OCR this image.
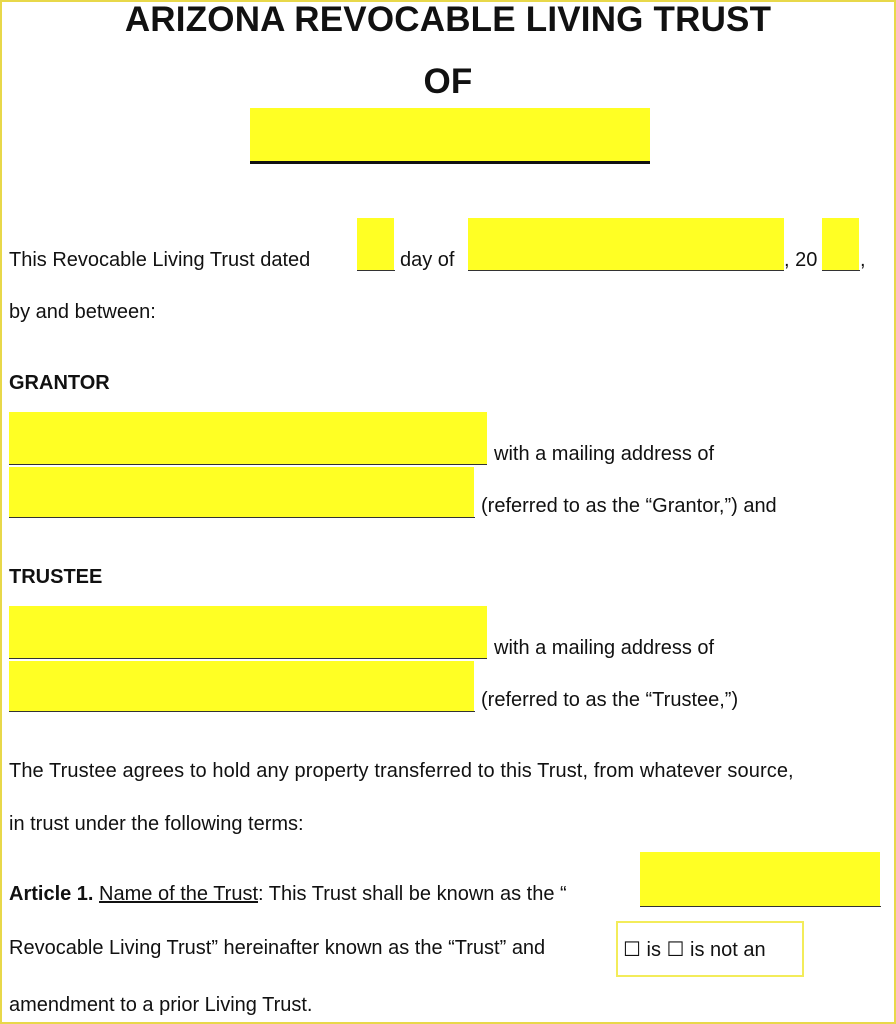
ARIZONA REVOCABLE LIVING TRUST
OF
This Revocable Living Trust dated	day of	, 20 ,
by and between:
GRANTOR
with a mailing address of
(referred to as the “Grantor,”) and
TRUSTEE
with a mailing address of
(referred to as the “Trustee,”)
The Trustee agrees to hold any property transferred to this Trust, from whatever source,
in trust under the following terms:
Article 1. Name of the Trust: This Trust shall be known as the “
Revocable Living Trust” hereinafter known as the “Trust” and	☐ is ☐ is not an
amendment to a prior Living Trust.
